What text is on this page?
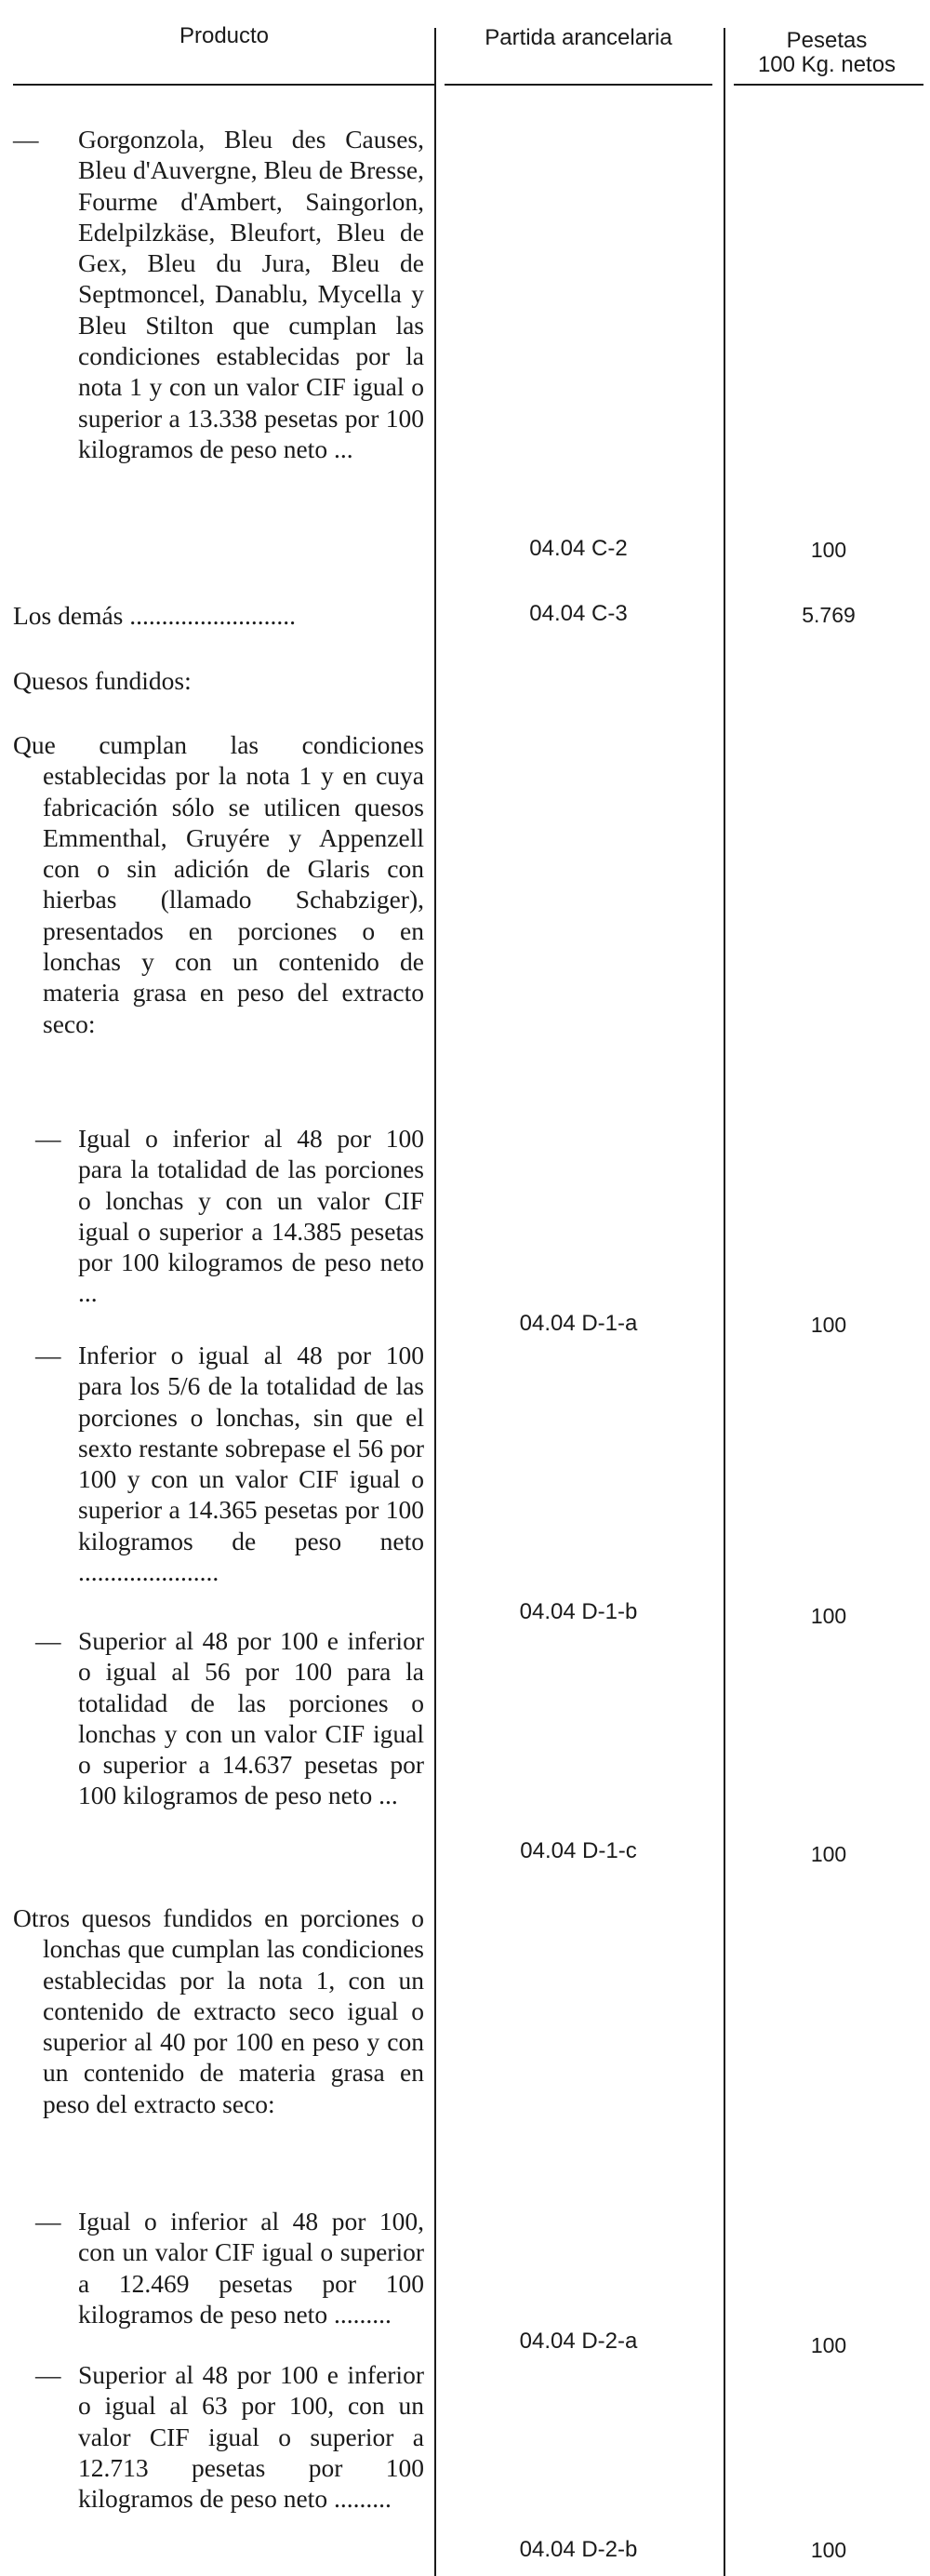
Producto	Partida arancelaria	Pesetas
100 Kg. netos
— Gorgonzola, Bleu des Causes, Bleu d'Auvergne, Bleu de Bresse, Fourme d'Ambert, Saingorlon, Edelpilzkäse, Bleufort, Bleu de Gex, Bleu du Jura, Bleu de Septmoncel, Danablu, Mycella y Bleu Stilton que cumplan las condiciones establecidas por la nota 1 y con un valor CIF igual o superior a 13.338 pesetas por 100 kilogramos de peso neto ...
04.04 C-2	100
Los demás ..........................	04.04 C-3	5.769
Quesos fundidos:
Que cumplan las condiciones establecidas por la nota 1 y en cuya fabricación sólo se utilicen quesos Emmenthal, Gruyére y Appenzell con o sin adición de Glaris con hierbas (llamado Schabziger), presentados en porciones o en lonchas y con un contenido de materia grasa en peso del extracto seco:
— Igual o inferior al 48 por 100 para la totalidad de las porciones o lonchas y con un valor CIF igual o superior a 14.385 pesetas por 100 kilogramos de peso neto ...
04.04 D-1-a	100
— Inferior o igual al 48 por 100 para los 5/6 de la totalidad de las porciones o lonchas, sin que el sexto restante sobrepase el 56 por 100 y con un valor CIF igual o superior a 14.365 pesetas por 100 kilogramos de peso neto ......................
04.04 D-1-b	100
— Superior al 48 por 100 e inferior o igual al 56 por 100 para la totalidad de las porciones o lonchas y con un valor CIF igual o superior a 14.637 pesetas por 100 kilogramos de peso neto ...
04.04 D-1-c	100
Otros quesos fundidos en porciones o lonchas que cumplan las condiciones establecidas por la nota 1, con un contenido de extracto seco igual o superior al 40 por 100 en peso y con un contenido de materia grasa en peso del extracto seco:
— Igual o inferior al 48 por 100, con un valor CIF igual o superior a 12.469 pesetas por 100 kilogramos de peso neto .........
04.04 D-2-a	100
— Superior al 48 por 100 e inferior o igual al 63 por 100, con un valor CIF igual o superior a 12.713 pesetas por 100 kilogramos de peso neto .........
04.04 D-2-b	100
